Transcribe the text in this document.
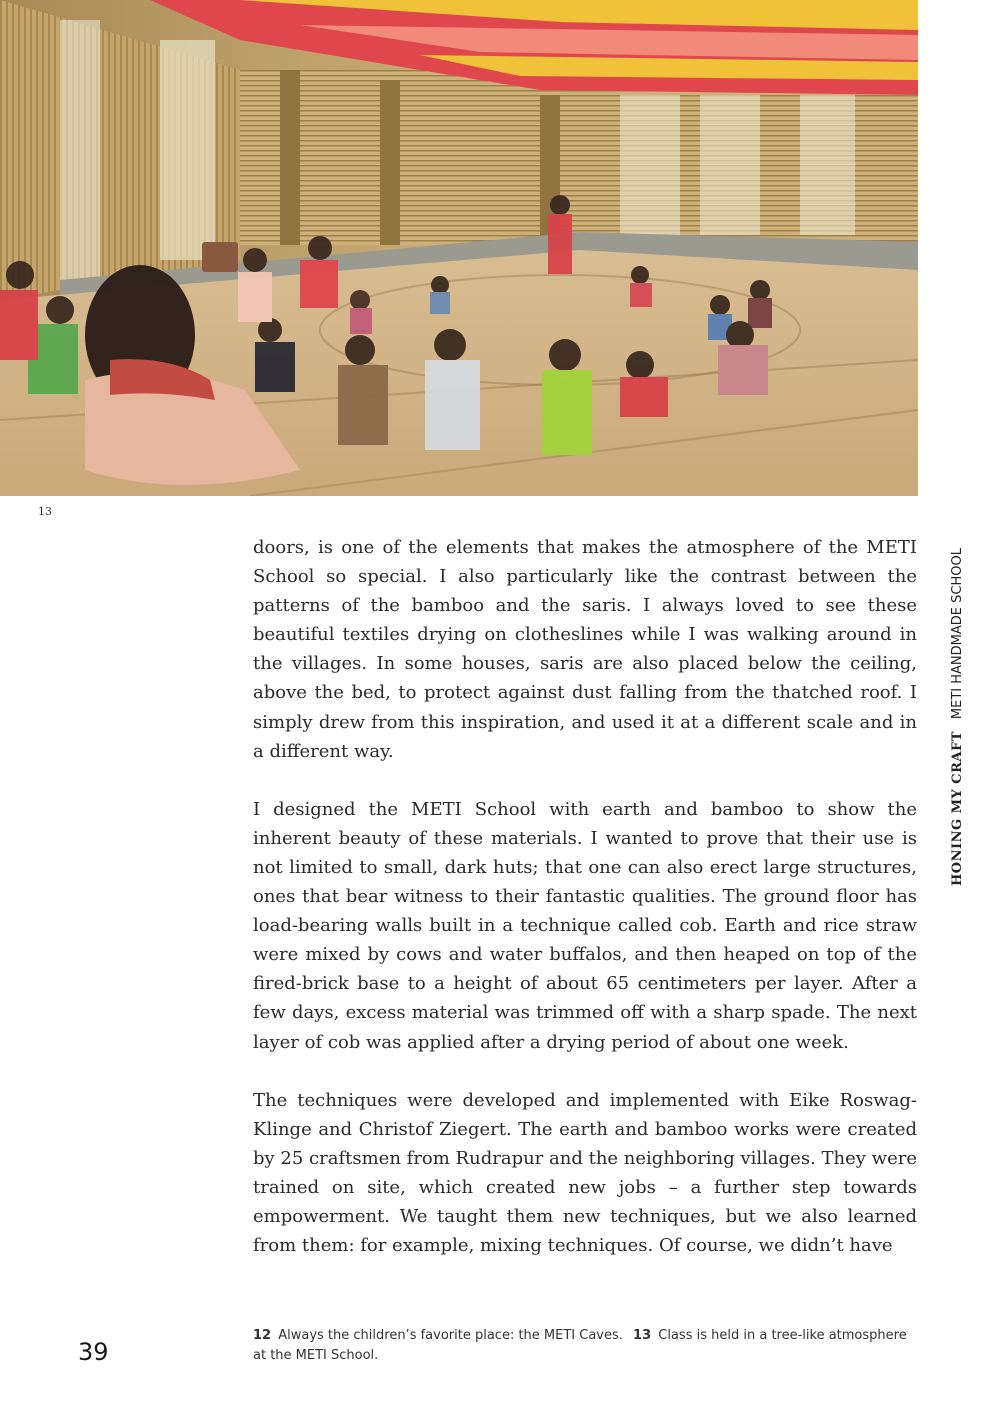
13

doors, is one of the elements that makes the atmosphere of the METI School so special. I also particularly like the contrast between the patterns of the bamboo and the saris. I always loved to see these beautiful textiles drying on clotheslines while I was walking around in the villages. In some houses, saris are also placed below the ceiling, above the bed, to protect against dust falling from the thatched roof. I simply drew from this inspiration, and used it at a different scale and in a different way.

I designed the METI School with earth and bamboo to show the inherent beauty of these materials. I wanted to prove that their use is not limited to small, dark huts; that one can also erect large structures, ones that bear witness to their fantastic qualities. The ground floor has load-bearing walls built in a technique called cob. Earth and rice straw were mixed by cows and water buffalos, and then heaped on top of the fired-brick base to a height of about 65 centimeters per layer. After a few days, excess material was trimmed off with a sharp spade. The next layer of cob was applied after a drying period of about one week.

The techniques were developed and implemented with Eike Roswag-Klinge and Christof Ziegert. The earth and bamboo works were created by 25 craftsmen from Rudrapur and the neighboring villages. They were trained on site, which created new jobs – a further step towards empowerment. We taught them new techniques, but we also learned from them: for example, mixing techniques. Of course, we didn’t have

HONING MY CRAFTMETI HANDMADE SCHOOL
39
12 Always the children’s favorite place: the METI Caves. 13 Class is held in a tree-like atmosphere at the METI School.
